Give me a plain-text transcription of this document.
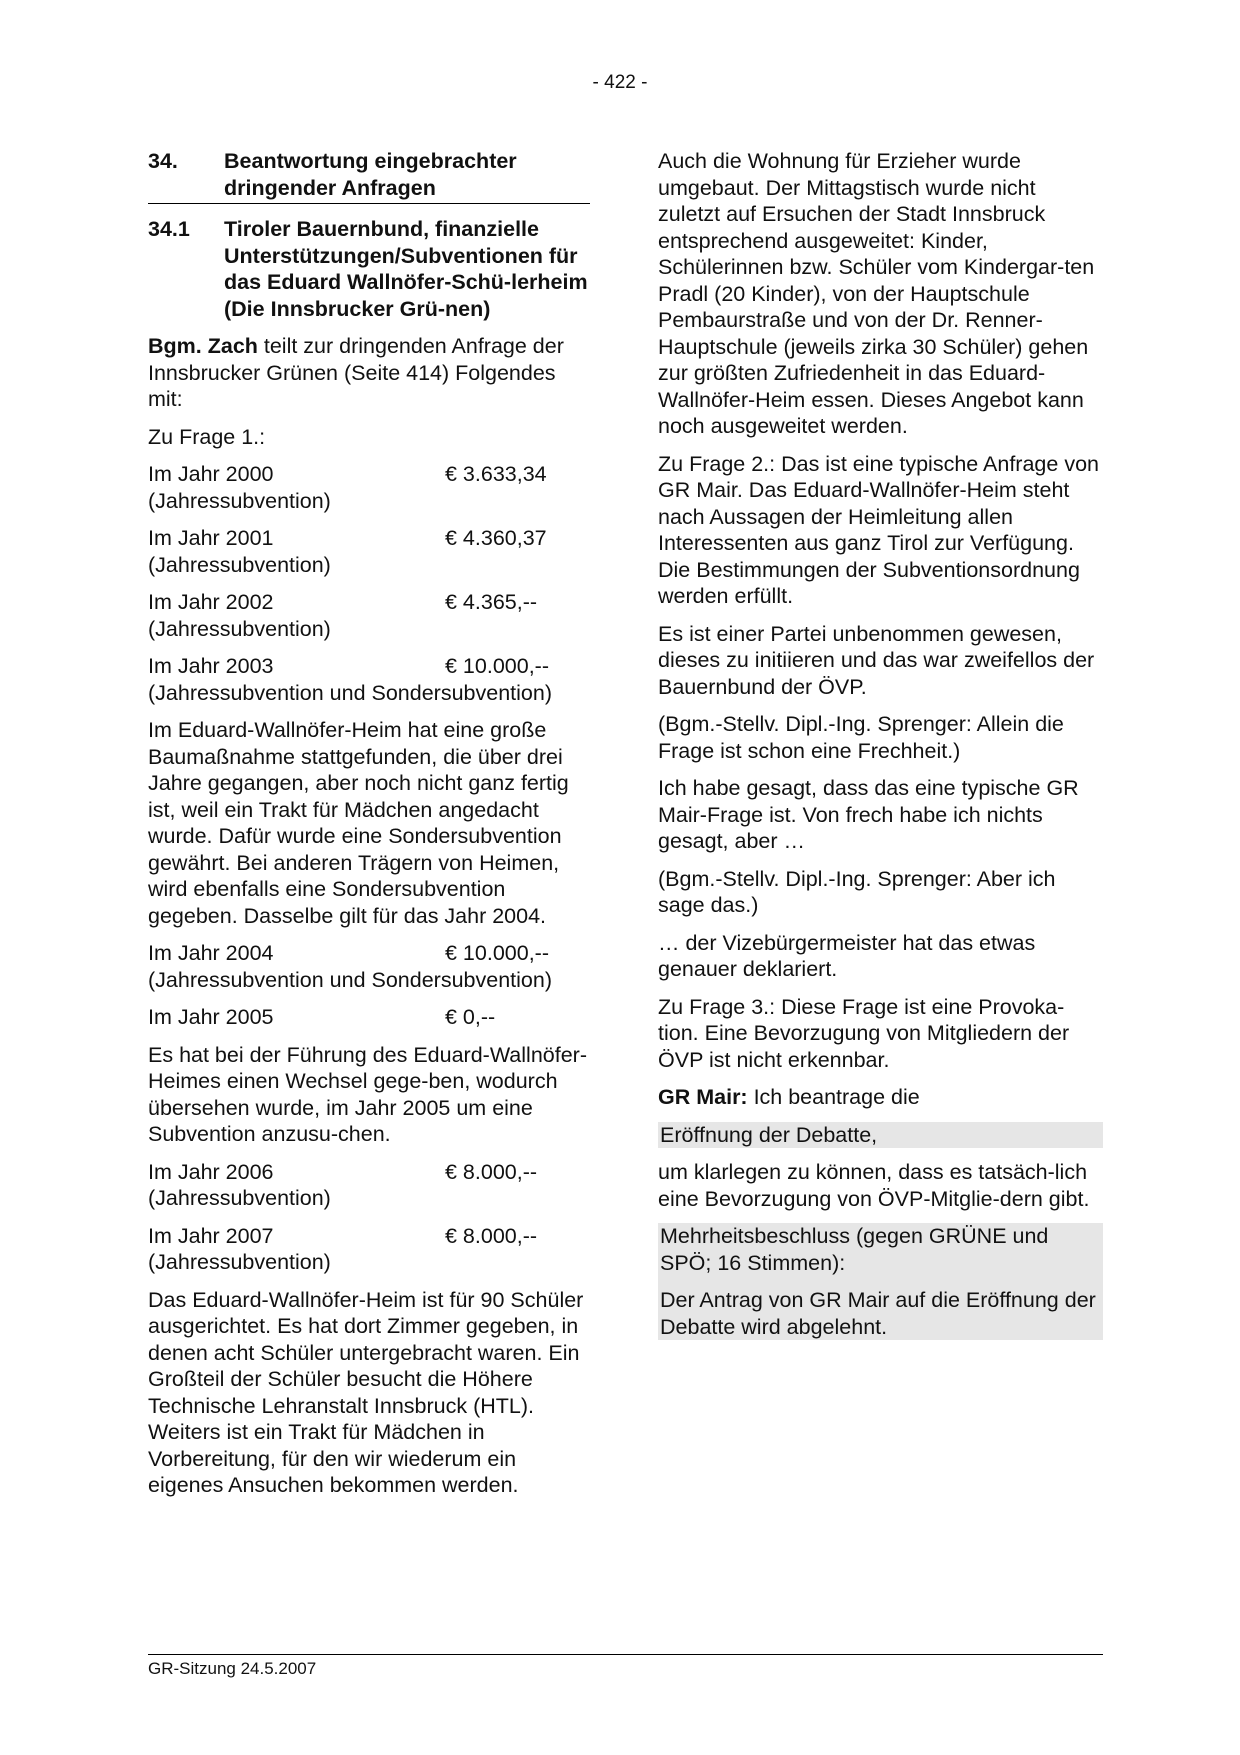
- 422 -
34.	Beantwortung eingebrachter dringender Anfragen
34.1	Tiroler Bauernbund, finanzielle Unterstützungen/Subventionen für das Eduard Wallnöfer-Schü-lerheim (Die Innsbrucker Grü-nen)

Bgm. Zach teilt zur dringenden Anfrage der Innsbrucker Grünen (Seite 414) Folgendes mit:

Zu Frage 1.:

Im Jahr 2000	€ 3.633,34
(Jahressubvention)
Im Jahr 2001	€ 4.360,37
(Jahressubvention)
Im Jahr 2002	€ 4.365,--
(Jahressubvention)
Im Jahr 2003	€ 10.000,--
(Jahressubvention und Sondersubvention)

Im Eduard-Wallnöfer-Heim hat eine große Baumaßnahme stattgefunden, die über drei Jahre gegangen, aber noch nicht ganz fertig ist, weil ein Trakt für Mädchen angedacht wurde. Dafür wurde eine Sondersubvention gewährt. Bei anderen Trägern von Heimen, wird ebenfalls eine Sondersubvention gegeben. Dasselbe gilt für das Jahr 2004.

Im Jahr 2004	€ 10.000,--
(Jahressubvention und Sondersubvention)
Im Jahr 2005	€ 0,--

Es hat bei der Führung des Eduard-Wallnöfer-Heimes einen Wechsel gege-ben, wodurch übersehen wurde, im Jahr 2005 um eine Subvention anzusu-chen.

Im Jahr 2006	€ 8.000,--
(Jahressubvention)
Im Jahr 2007	€ 8.000,--
(Jahressubvention)

Das Eduard-Wallnöfer-Heim ist für 90 Schüler ausgerichtet. Es hat dort Zimmer gegeben, in denen acht Schüler untergebracht waren. Ein Großteil der Schüler besucht die Höhere Technische Lehranstalt Innsbruck (HTL). Weiters ist ein Trakt für Mädchen in Vorbereitung, für den wir wiederum ein eigenes Ansuchen bekommen werden.

Auch die Wohnung für Erzieher wurde umgebaut. Der Mittagstisch wurde nicht zuletzt auf Ersuchen der Stadt Innsbruck entsprechend ausgeweitet: Kinder, Schülerinnen bzw. Schüler vom Kindergar-ten Pradl (20 Kinder), von der Hauptschule Pembaurstraße und von der Dr. Renner-Hauptschule (jeweils zirka 30 Schüler) gehen zur größten Zufriedenheit in das Eduard-Wallnöfer-Heim essen. Dieses Angebot kann noch ausgeweitet werden.

Zu Frage 2.: Das ist eine typische Anfrage von GR Mair. Das Eduard-Wallnöfer-Heim steht nach Aussagen der Heimleitung allen Interessenten aus ganz Tirol zur Verfügung. Die Bestimmungen der Subventionsordnung werden erfüllt.

Es ist einer Partei unbenommen gewesen, dieses zu initiieren und das war zweifellos der Bauernbund der ÖVP.

(Bgm.-Stellv. Dipl.-Ing. Sprenger: Allein die Frage ist schon eine Frechheit.)

Ich habe gesagt, dass das eine typische GR Mair-Frage ist. Von frech habe ich nichts gesagt, aber …

(Bgm.-Stellv. Dipl.-Ing. Sprenger: Aber ich sage das.)

… der Vizebürgermeister hat das etwas genauer deklariert.

Zu Frage 3.: Diese Frage ist eine Provoka-tion. Eine Bevorzugung von Mitgliedern der ÖVP ist nicht erkennbar.

GR Mair: Ich beantrage die

Eröffnung der Debatte,

um klarlegen zu können, dass es tatsäch-lich eine Bevorzugung von ÖVP-Mitglie-dern gibt.

Mehrheitsbeschluss (gegen GRÜNE und SPÖ; 16 Stimmen):

Der Antrag von GR Mair auf die Eröffnung der Debatte wird abgelehnt.

GR-Sitzung 24.5.2007
